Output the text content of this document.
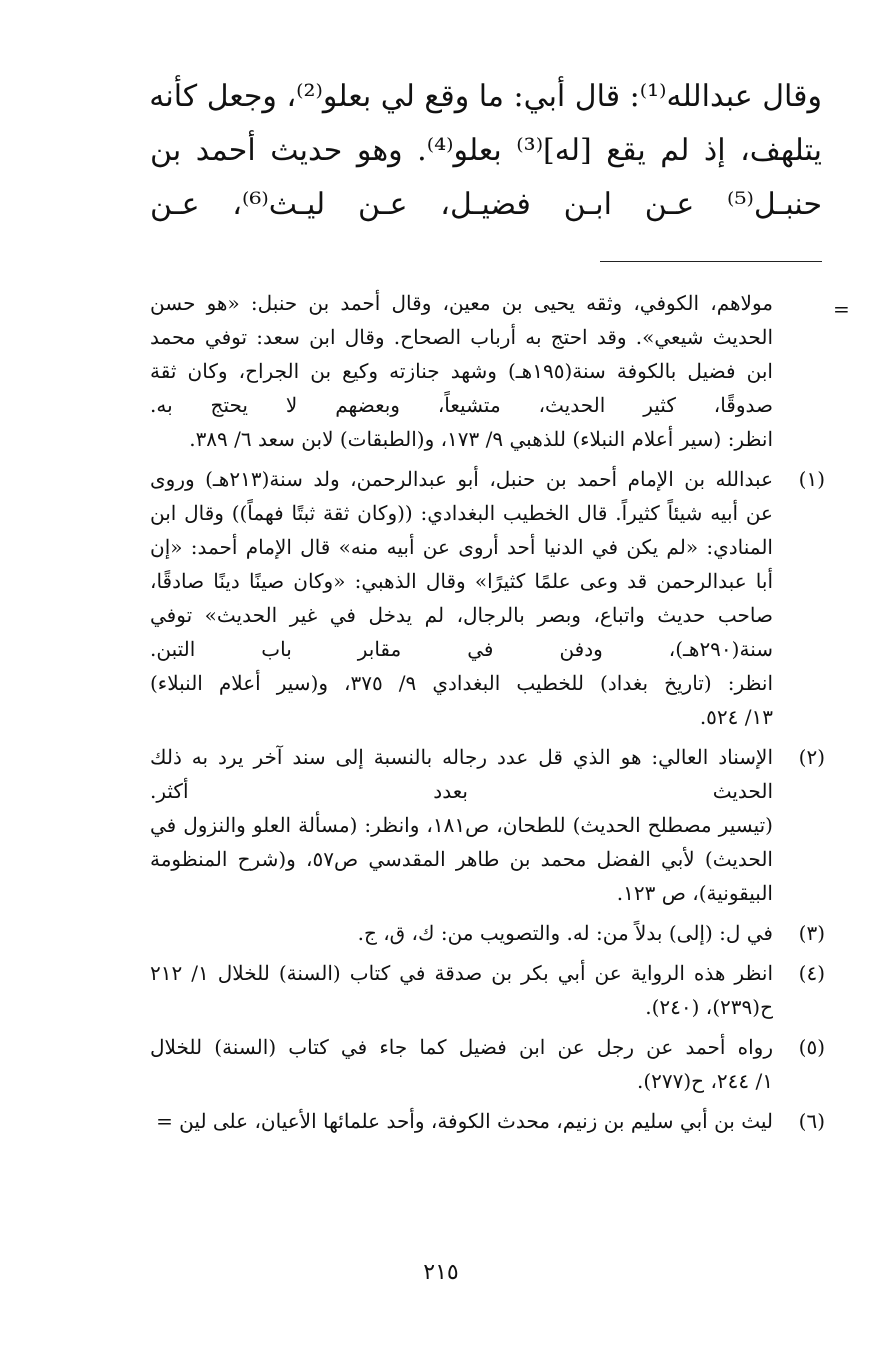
وقال عبدالله⁽¹⁾: قال أبي: ما وقع لي بعلو⁽²⁾، وجعل كأنه
يتلهف، إذ لم يقع [له]⁽³⁾ بعلو⁽⁴⁾. وهو حديث أحمد بن
حنبـل⁽⁵⁾ عـن ابـن فضيـل، عـن ليـث⁽⁶⁾، عـن
=
مولاهم، الكوفي، وثقه يحيى بن معين، وقال أحمد بن حنبل: «هو حسن
الحديث شيعي». وقد احتج به أرباب الصحاح. وقال ابن سعد: توفي محمد
ابن فضيل بالكوفة سنة(١٩٥هـ) وشهد جنازته وكيع بن الجراح، وكان ثقة
صدوقًا، كثير الحديث، متشيعاً، وبعضهم لا يحتج به.
انظر: (سير أعلام النبلاء) للذهبي ٩/ ١٧٣، و(الطبقات) لابن سعد ٦/ ٣٨٩.
(١)
عبدالله بن الإمام أحمد بن حنبل، أبو عبدالرحمن، ولد سنة(٢١٣هـ) وروى
عن أبيه شيئاً كثيراً. قال الخطيب البغدادي: ((وكان ثقة ثبتًا فهماً)) وقال ابن
المنادي: «لم يكن في الدنيا أحد أروى عن أبيه منه» قال الإمام أحمد: «إن
أبا عبدالرحمن قد وعى علمًا كثيرًا» وقال الذهبي: «وكان صينًا دينًا صادقًا،
صاحب حديث واتباع، وبصر بالرجال، لم يدخل في غير الحديث» توفي
سنة(٢٩٠هـ)، ودفن في مقابر باب التبن.
انظر: (تاريخ بغداد) للخطيب البغدادي ٩/ ٣٧٥، و(سير أعلام النبلاء)
١٣/ ٥٢٤.
(٢)
الإسناد العالي: هو الذي قل عدد رجاله بالنسبة إلى سند آخر يرد به ذلك
الحديث بعدد أكثر.
(تيسير مصطلح الحديث) للطحان، ص١٨١، وانظر: (مسألة العلو والنزول في
الحديث) لأبي الفضل محمد بن طاهر المقدسي ص٥٧، و(شرح المنظومة
البيقونية)، ص ١٢٣.
(٣)
في ل: (إلى) بدلاً من: له. والتصويب من: ك، ق، ج.
(٤)
انظر هذه الرواية عن أبي بكر بن صدقة في كتاب (السنة) للخلال ١/ ٢١٢
ح(٢٣٩)، (٢٤٠).
(٥)
رواه أحمد عن رجل عن ابن فضيل كما جاء في كتاب (السنة) للخلال
١/ ٢٤٤، ح(٢٧٧).
(٦)
ليث بن أبي سليم بن زنيم، محدث الكوفة، وأحد علمائها الأعيان، على لين =
٢١٥
